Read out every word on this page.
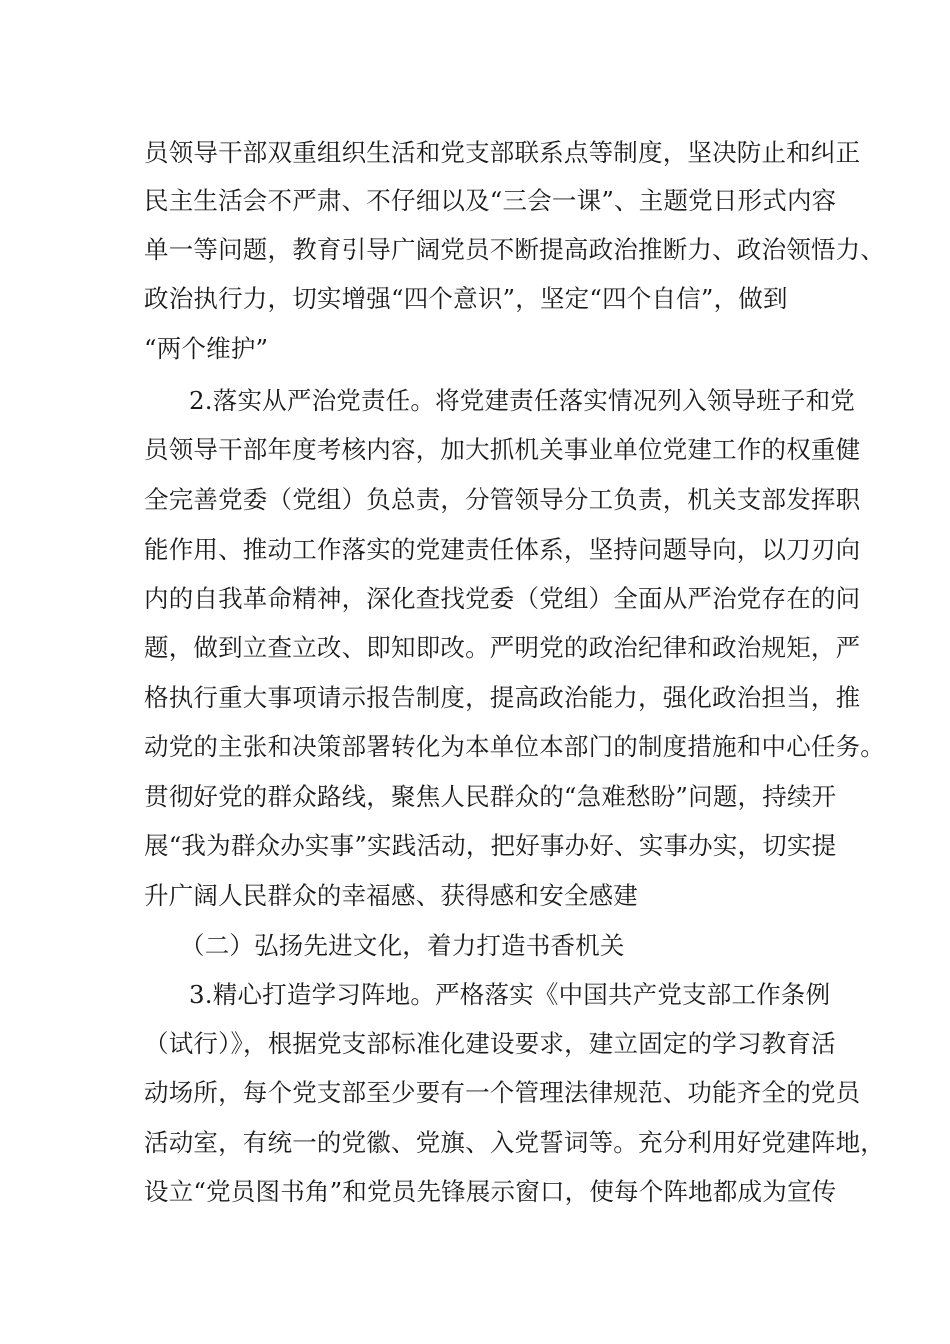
员领导干部双重组织生活和党支部联系点等制度，坚决防止和纠正
民主生活会不严肃、不仔细以及“三会一课”、主题党日形式内容
单一等问题，教育引导广阔党员不断提高政治推断力、政治领悟力、
政治执行力，切实增强“四个意识”，坚定“四个自信”，做到
“两个维护”
2.落实从严治党责任。将党建责任落实情况列入领导班子和党
员领导干部年度考核内容，加大抓机关事业单位党建工作的权重健
全完善党委（党组）负总责，分管领导分工负责，机关支部发挥职
能作用、推动工作落实的党建责任体系，坚持问题导向，以刀刃向
内的自我革命精神，深化查找党委（党组）全面从严治党存在的问
题，做到立查立改、即知即改。严明党的政治纪律和政治规矩，严
格执行重大事项请示报告制度，提高政治能力，强化政治担当，推
动党的主张和决策部署转化为本单位本部门的制度措施和中心任务。
贯彻好党的群众路线，聚焦人民群众的“急难愁盼”问题，持续开
展“我为群众办实事”实践活动，把好事办好、实事办实，切实提
升广阔人民群众的幸福感、获得感和安全感建
（二）弘扬先进文化，着力打造书香机关
3.精心打造学习阵地。严格落实《中国共产党支部工作条例
（试行）》，根据党支部标准化建设要求，建立固定的学习教育活
动场所，每个党支部至少要有一个管理法律规范、功能齐全的党员
活动室，有统一的党徽、党旗、入党誓词等。充分利用好党建阵地，
设立“党员图书角”和党员先锋展示窗口，使每个阵地都成为宣传
